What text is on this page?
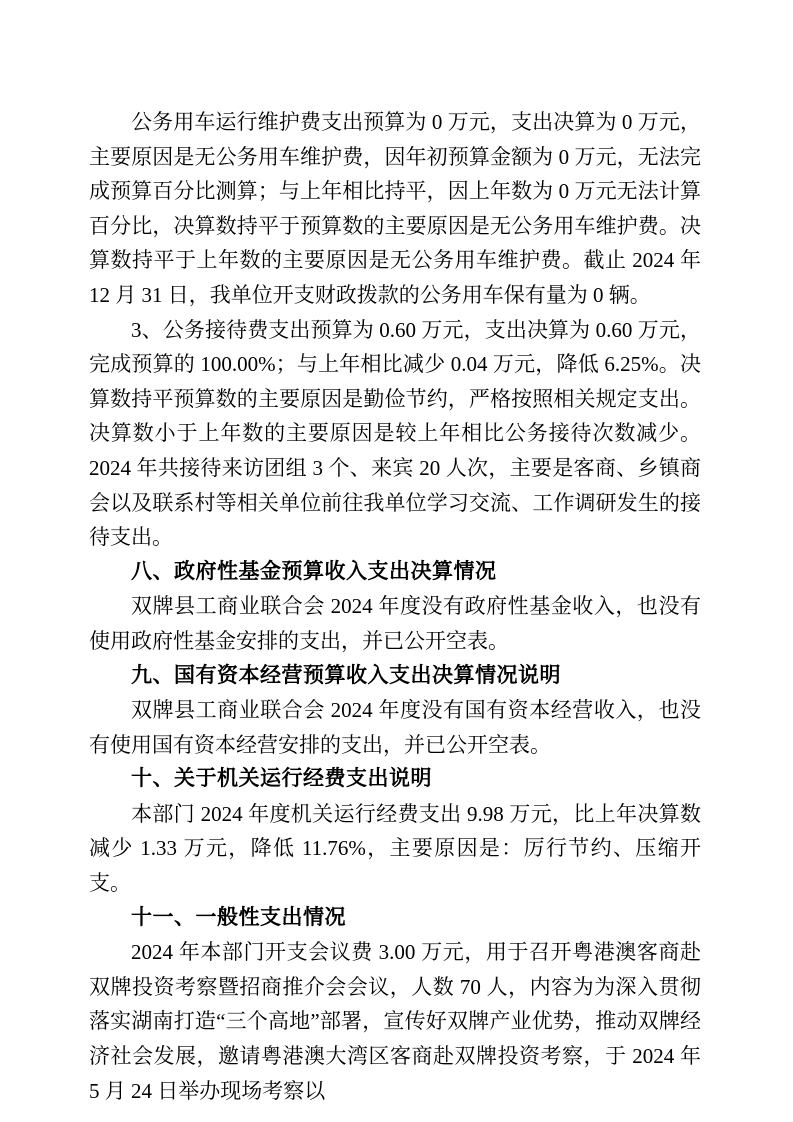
公务用车运行维护费支出预算为 0 万元，支出决算为 0 万元，主要原因是无公务用车维护费，因年初预算金额为 0 万元，无法完成预算百分比测算；与上年相比持平，因上年数为 0 万元无法计算百分比，决算数持平于预算数的主要原因是无公务用车维护费。决算数持平于上年数的主要原因是无公务用车维护费。截止 2024 年 12 月 31 日，我单位开支财政拨款的公务用车保有量为 0 辆。

3、公务接待费支出预算为 0.60 万元，支出决算为 0.60 万元，完成预算的 100.00%；与上年相比减少 0.04 万元，降低 6.25%。决算数持平预算数的主要原因是勤俭节约，严格按照相关规定支出。决算数小于上年数的主要原因是较上年相比公务接待次数减少。2024 年共接待来访团组 3 个、来宾 20 人次，主要是客商、乡镇商会以及联系村等相关单位前往我单位学习交流、工作调研发生的接待支出。

八、政府性基金预算收入支出决算情况

双牌县工商业联合会 2024 年度没有政府性基金收入，也没有使用政府性基金安排的支出，并已公开空表。

九、国有资本经营预算收入支出决算情况说明

双牌县工商业联合会 2024 年度没有国有资本经营收入，也没有使用国有资本经营安排的支出，并已公开空表。

十、关于机关运行经费支出说明

本部门 2024 年度机关运行经费支出 9.98 万元，比上年决算数减少 1.33 万元，降低 11.76%，主要原因是：厉行节约、压缩开支。

十一、一般性支出情况

2024 年本部门开支会议费 3.00 万元，用于召开粤港澳客商赴双牌投资考察暨招商推介会会议，人数 70 人，内容为为深入贯彻落实湖南打造“三个高地”部署，宣传好双牌产业优势，推动双牌经济社会发展，邀请粤港澳大湾区客商赴双牌投资考察，于 2024 年 5 月 24 日举办现场考察以
